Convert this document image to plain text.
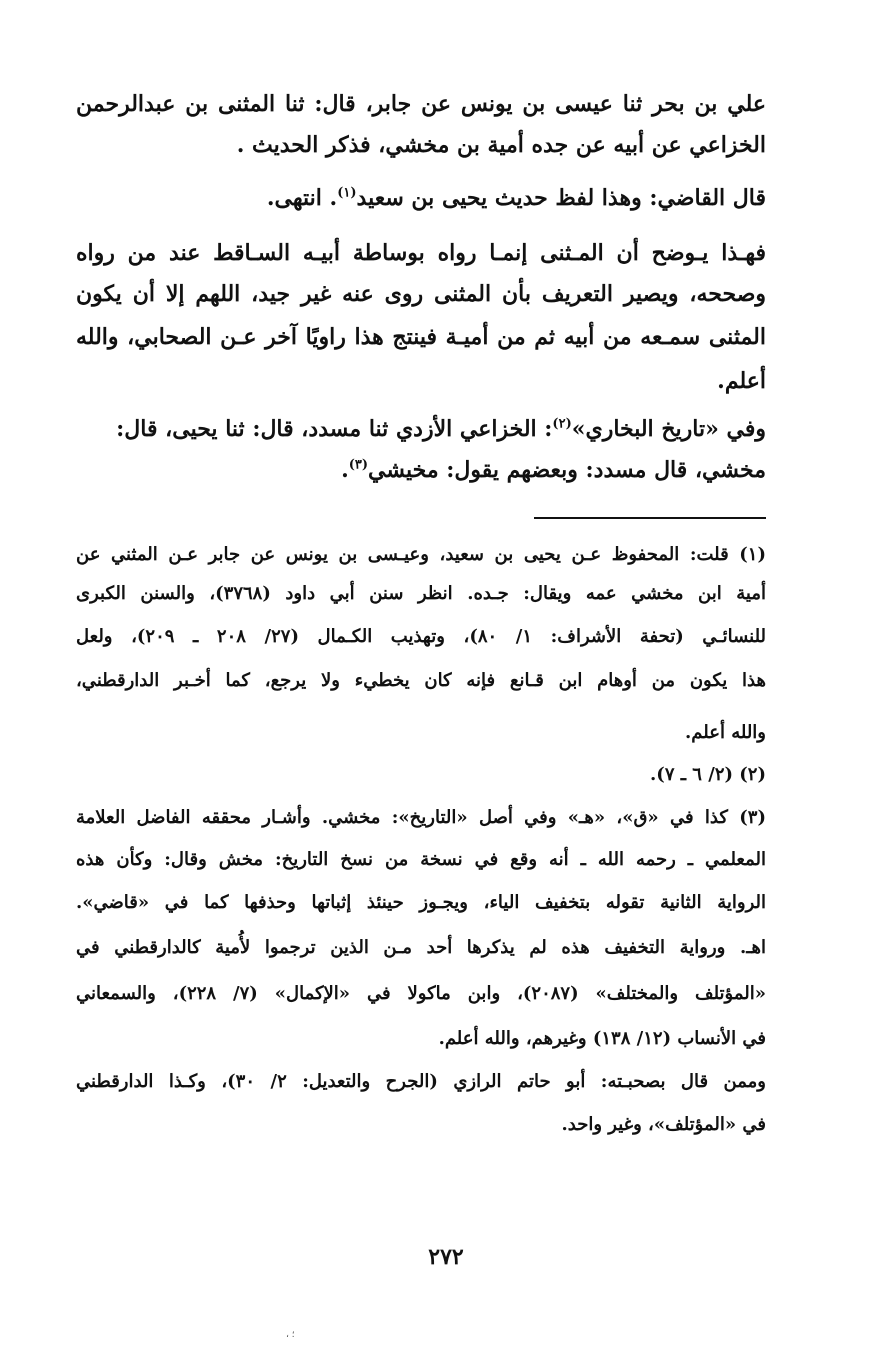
علي بن بحر ثنا عيسى بن يونس عن جابر، قال: ثنا المثنى بن عبدالرحمن
الخزاعي عن أبيه عن جده أمية بن مخشي، فذكر الحديث .
قال القاضي: وهذا لفظ حديث يحيى بن سعيد$^{(١)}$. انتهى.
فهـذا يـوضح أن المـثنى إنمـا رواه بوساطة أبيـه السـاقط عند من رواه
وصححه، ويصير التعريف بأن المثنى روى عنه غير جيد، اللهم إلا أن يكون
المثنى سمـعه من أبيه ثم من أميـة فينتج هذا راويًا آخر عـن الصحابي، والله
أعلم.
وفي «تاريخ البخاري»$^{(٢)}$: الخزاعي الأزدي ثنا مسدد، قال: ثنا يحيى، قال:
مخشي، قال مسدد: وبعضهم يقول: مخيشي$^{(٣)}$.
(١) قلت: المحفوظ عـن يحيى بن سعيد، وعيـسى بن يونس عن جابر عـن المثني عن
أمية ابن مخشي عمه ويقال: جـده. انظر سنن أبي داود (٣٧٦٨)، والسنن الكبرى
للنسائـي (تحفة الأشراف: ١/ ٨٠)، وتهذيب الكـمال (٢٧/ ٢٠٨ ـ ٢٠٩)، ولعل
هذا يكون من أوهام ابن قـانع فإنه كان يخطيء ولا يرجع، كما أخـبر الدارقطني،
والله أعلم.
(٢) (٢/ ٦ ـ ٧).
(٣) كذا في «ق»، «هـ» وفي أصل «التاريخ»: مخشي. وأشـار محققه الفاضل العلامة
المعلمي ـ رحمه الله ـ أنه وقع في نسخة من نسخ التاريخ: مخش وقال: وكأن هذه
الرواية الثانية تقوله بتخفيف الياء، ويجـوز حينئذ إثباتها وحذفها كما في «قاضي».
اهـ. ورواية التخفيف هذه لم يذكرها أحد مـن الذين ترجموا لأُمية كالدارقطني في
«المؤتلف والمختلف» (٢٠٨٧)، وابن ماكولا في «الإكمال» (٧/ ٢٢٨)، والسمعاني
في الأنساب (١٢/ ١٣٨) وغيرهم، والله أعلم.
وممن قال بصحبـته: أبو حاتم الرازي (الجرح والتعديل: ٢/ ٣٠)، وكـذا الدارقطني
في «المؤتلف»، وغير واحد.
٢٧٢
، ؛
